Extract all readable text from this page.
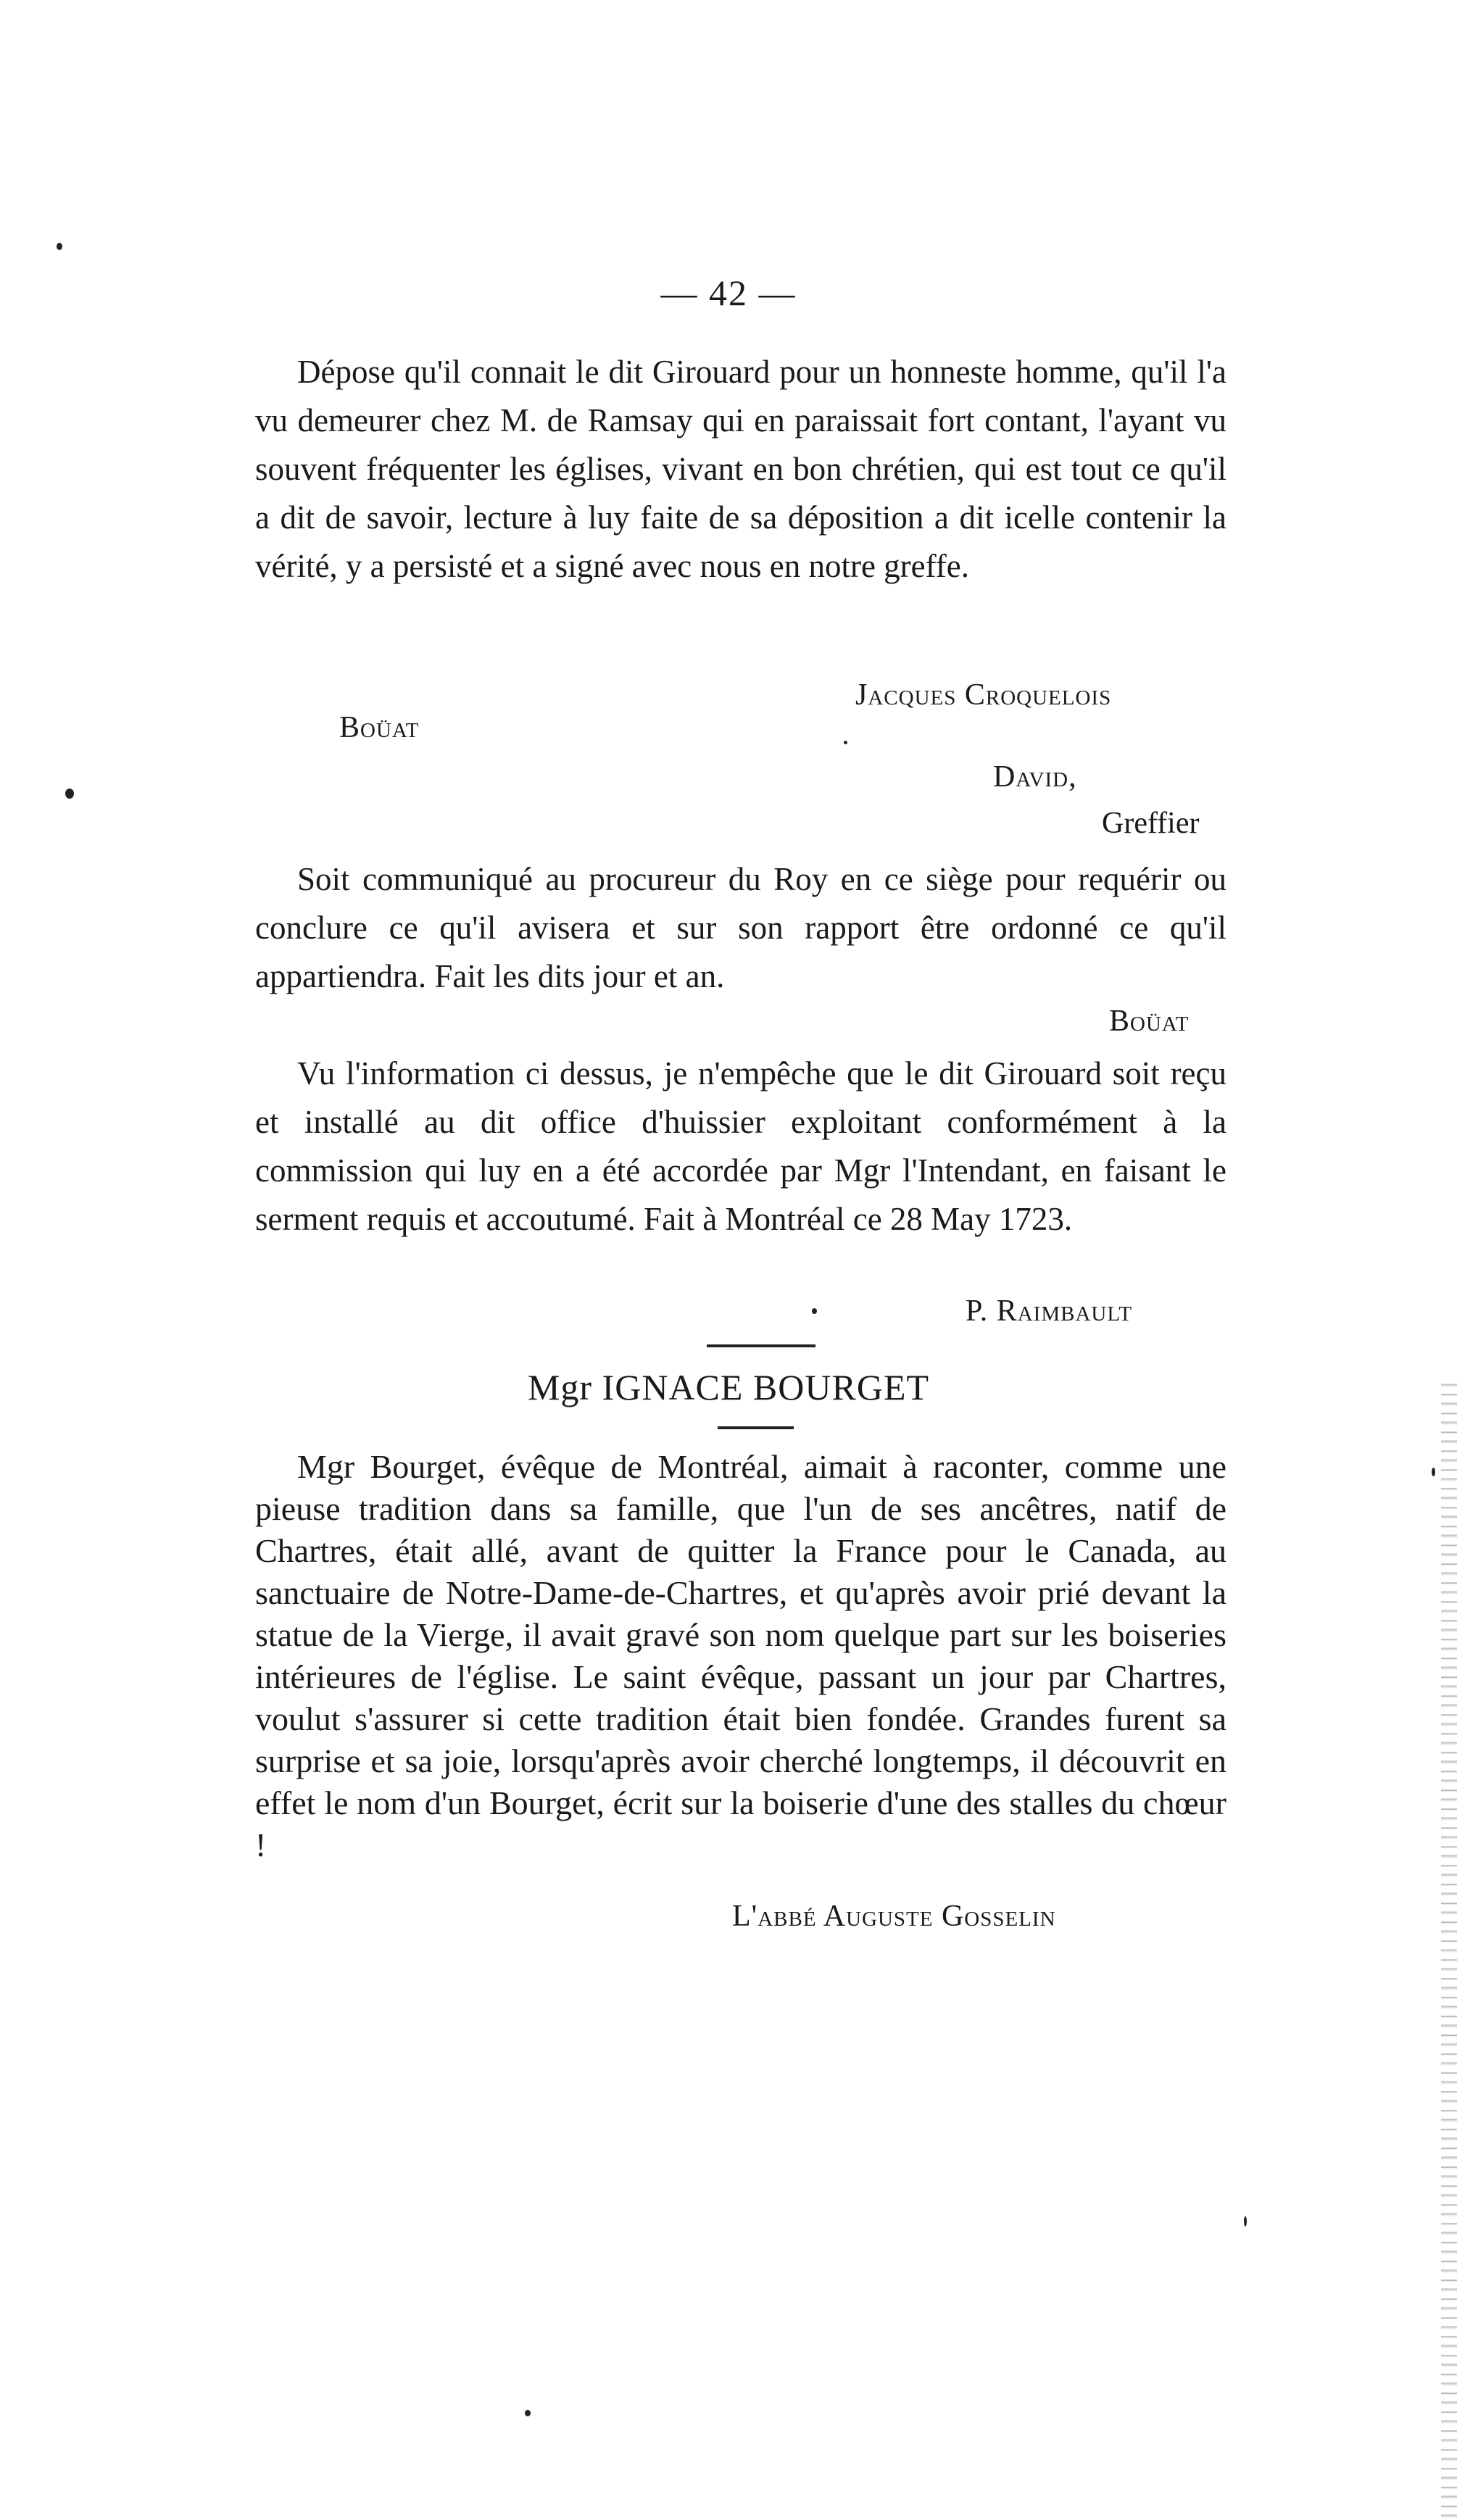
— 42 —

Dépose qu'il connait le dit Girouard pour un honneste homme, qu'il l'a vu demeurer chez M. de Ramsay qui en paraissait fort contant, l'ayant vu souvent fréquenter les églises, vivant en bon chrétien, qui est tout ce qu'il a dit de savoir, lecture à luy faite de sa déposition a dit icelle contenir la vérité, y a persisté et a signé avec nous en notre greffe.

Jacques Croquelois
Boüat
David,
Greffier

Soit communiqué au procureur du Roy en ce siège pour requérir ou conclure ce qu'il avisera et sur son rapport être ordonné ce qu'il appartiendra. Fait les dits jour et an.

Boüat

Vu l'information ci dessus, je n'empêche que le dit Girouard soit reçu et installé au dit office d'huissier exploitant conformément à la commission qui luy en a été accordée par Mgr l'Intendant, en faisant le serment requis et accoutumé. Fait à Montréal ce 28 May 1723.

P. Raimbault
Mgr IGNACE BOURGET

Mgr Bourget, évêque de Montréal, aimait à raconter, comme une pieuse tradition dans sa famille, que l'un de ses ancêtres, natif de Chartres, était allé, avant de quitter la France pour le Canada, au sanctuaire de Notre-Dame-de-Chartres, et qu'après avoir prié devant la statue de la Vierge, il avait gravé son nom quelque part sur les boiseries intérieures de l'église. Le saint évêque, passant un jour par Chartres, voulut s'assurer si cette tradition était bien fondée. Grandes furent sa surprise et sa joie, lorsqu'après avoir cherché longtemps, il découvrit en effet le nom d'un Bourget, écrit sur la boiserie d'une des stalles du chœur !

L'abbé Auguste Gosselin
